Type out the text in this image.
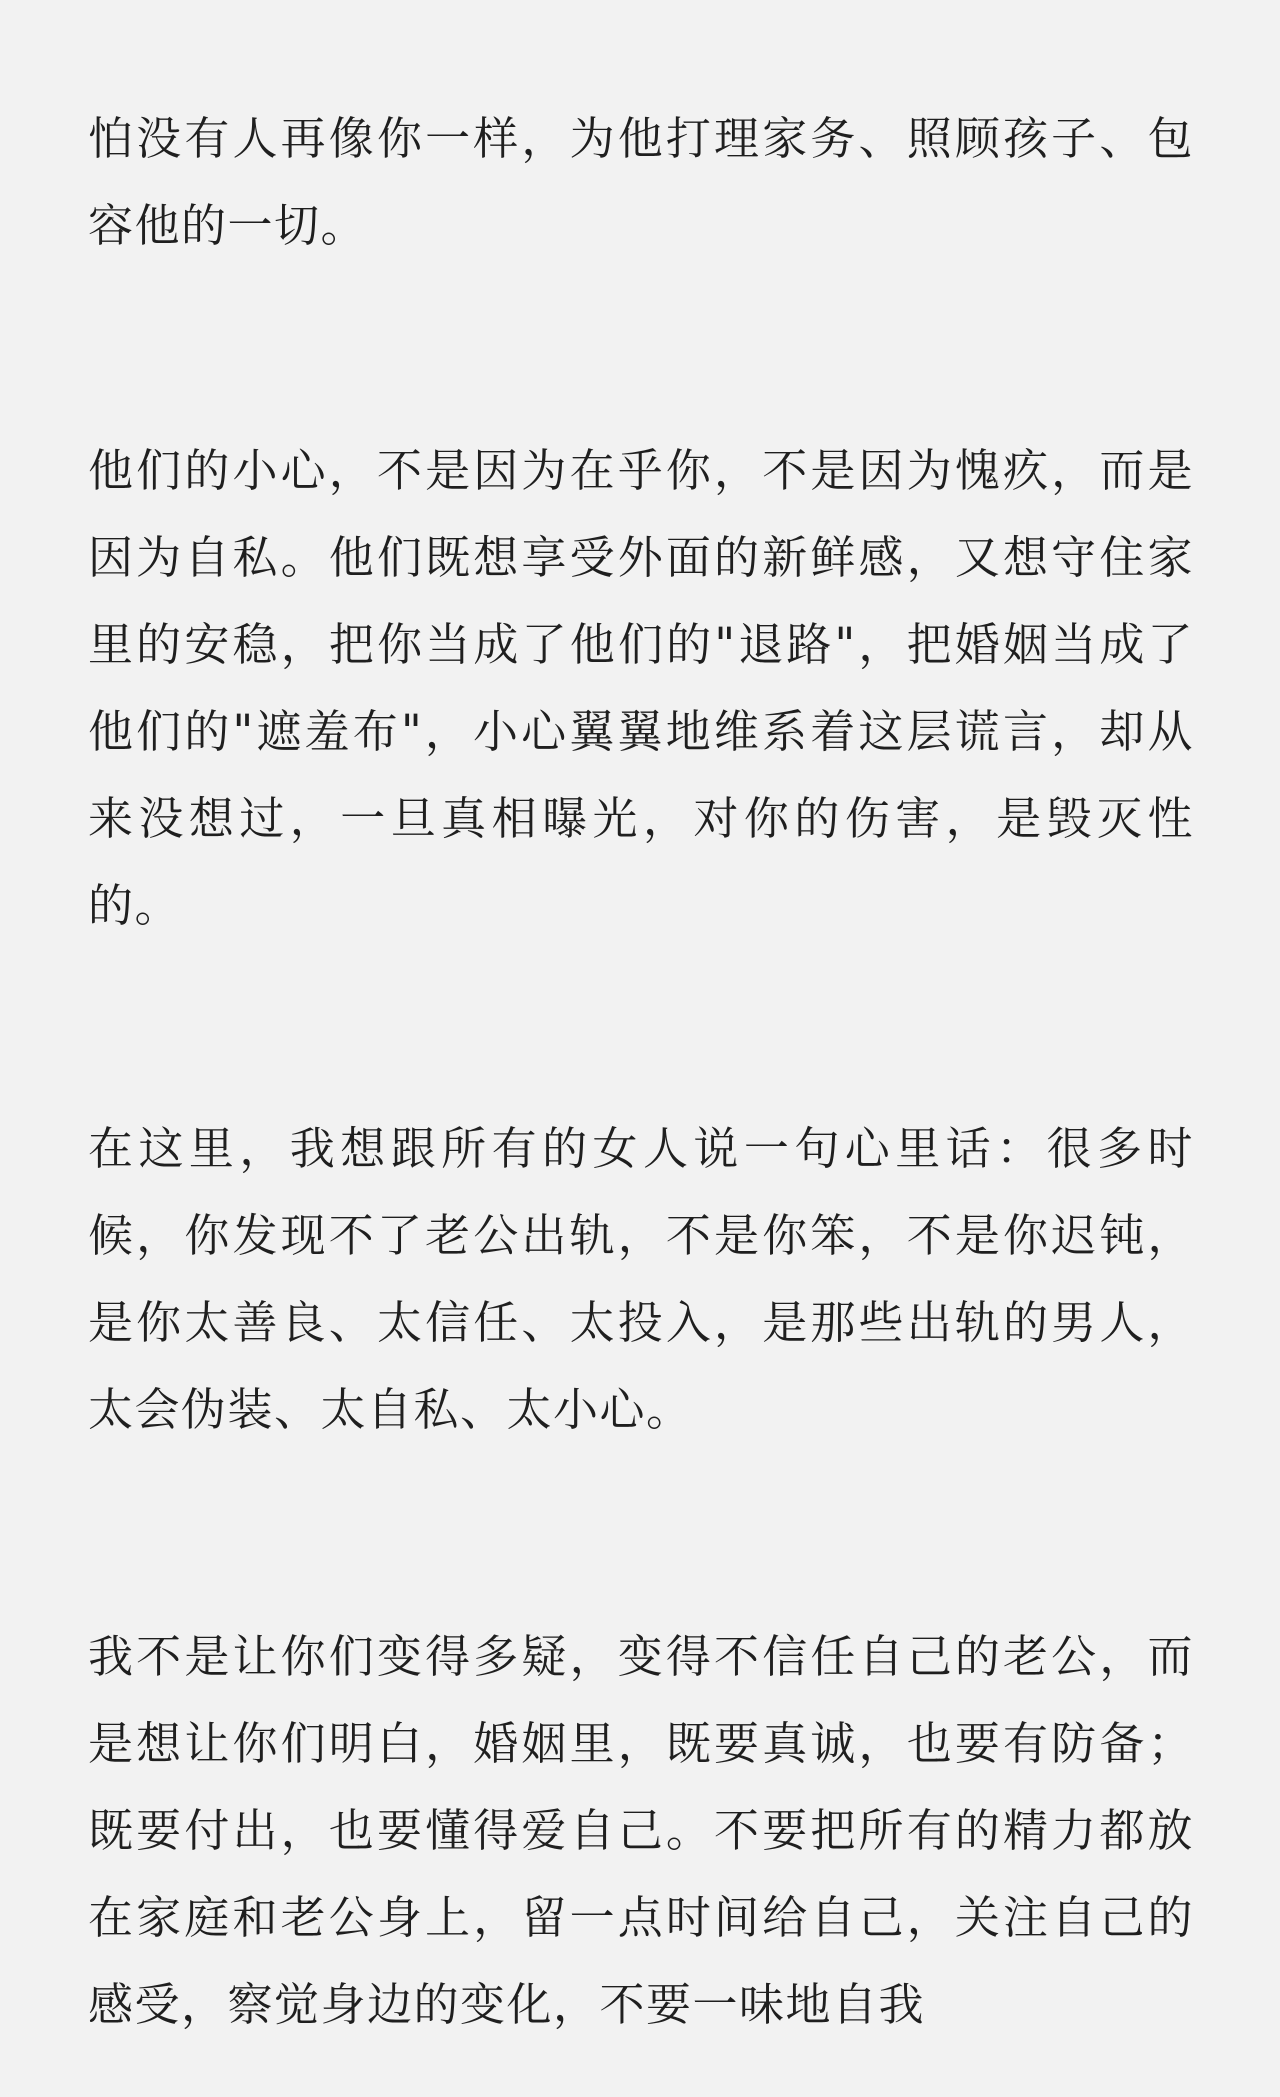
怕没有人再像你一样，为他打理家务、照顾孩子、包容他的一切。

他们的小心，不是因为在乎你，不是因为愧疚，而是因为自私。他们既想享受外面的新鲜感，又想守住家里的安稳，把你当成了他们的"退路"，把婚姻当成了他们的"遮羞布"，小心翼翼地维系着这层谎言，却从来没想过，一旦真相曝光，对你的伤害，是毁灭性的。

在这里，我想跟所有的女人说一句心里话：很多时候，你发现不了老公出轨，不是你笨，不是你迟钝，是你太善良、太信任、太投入，是那些出轨的男人，太会伪装、太自私、太小心。

我不是让你们变得多疑，变得不信任自己的老公，而是想让你们明白，婚姻里，既要真诚，也要有防备；既要付出，也要懂得爱自己。不要把所有的精力都放在家庭和老公身上，留一点时间给自己，关注自己的感受，察觉身边的变化，不要一味地自我
